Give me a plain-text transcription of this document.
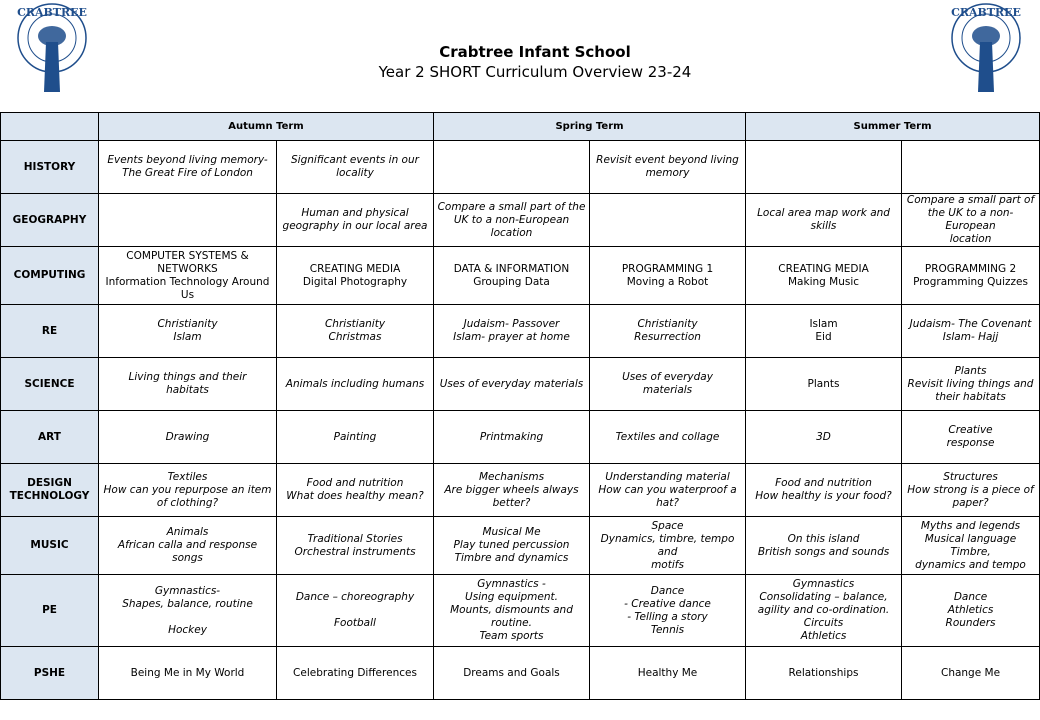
CRABTREE	CRABTREE
Crabtree Infant School
Year 2 SHORT Curriculum Overview 23-24
	Autumn Term		Spring Term		Summer Term	

HISTORY	Events beyond living memory-
The Great Fire of London	Significant events in our
locality		Revisit event beyond living
memory		

GEOGRAPHY		Human and physical
geography in our local area	Compare a small part of the
UK to a non-European
location		Local area map work and
skills	Compare a small part of
the UK to a non-European
location

COMPUTING	COMPUTER SYSTEMS &
NETWORKS
Information Technology Around
Us	CREATING MEDIA
Digital Photography	DATA & INFORMATION
Grouping Data	PROGRAMMING 1
Moving a Robot	CREATING MEDIA
Making Music	PROGRAMMING 2
Programming Quizzes

RE	Christianity
Islam	Christianity
Christmas	Judaism- Passover
Islam- prayer at home	Christianity
Resurrection	Islam
Eid	Judaism- The Covenant
Islam- Hajj

SCIENCE	Living things and their
habitats	Animals including humans	Uses of everyday materials	Uses of everyday
materials	Plants	Plants
Revisit living things and
their habitats

ART	Drawing	Painting	Printmaking	Textiles and collage	3D	Creative
response

DESIGN
TECHNOLOGY	Textiles
How can you repurpose an item
of clothing?	Food and nutrition
What does healthy mean?	Mechanisms
Are bigger wheels always
better?	Understanding material
How can you waterproof a
hat?	Food and nutrition
How healthy is your food?	Structures
How strong is a piece of
paper?

MUSIC	Animals
African calla and response songs	Traditional Stories
Orchestral instruments	Musical Me
Play tuned percussion
Timbre and dynamics	Space
Dynamics, timbre, tempo and
motifs	On this island
British songs and sounds	Myths and legends
Musical language Timbre,
dynamics and tempo

PE	Gymnastics-
Shapes, balance, routine

Hockey	Dance – choreography

Football	Gymnastics -
Using equipment.
Mounts, dismounts and
routine.
Team sports	Dance
- Creative dance
- Telling a story
Tennis	Gymnastics
Consolidating – balance,
agility and co-ordination.
Circuits
Athletics	Dance
Athletics
Rounders

PSHE	Being Me in My World	Celebrating Differences	Dreams and Goals	Healthy Me	Relationships	Change Me
